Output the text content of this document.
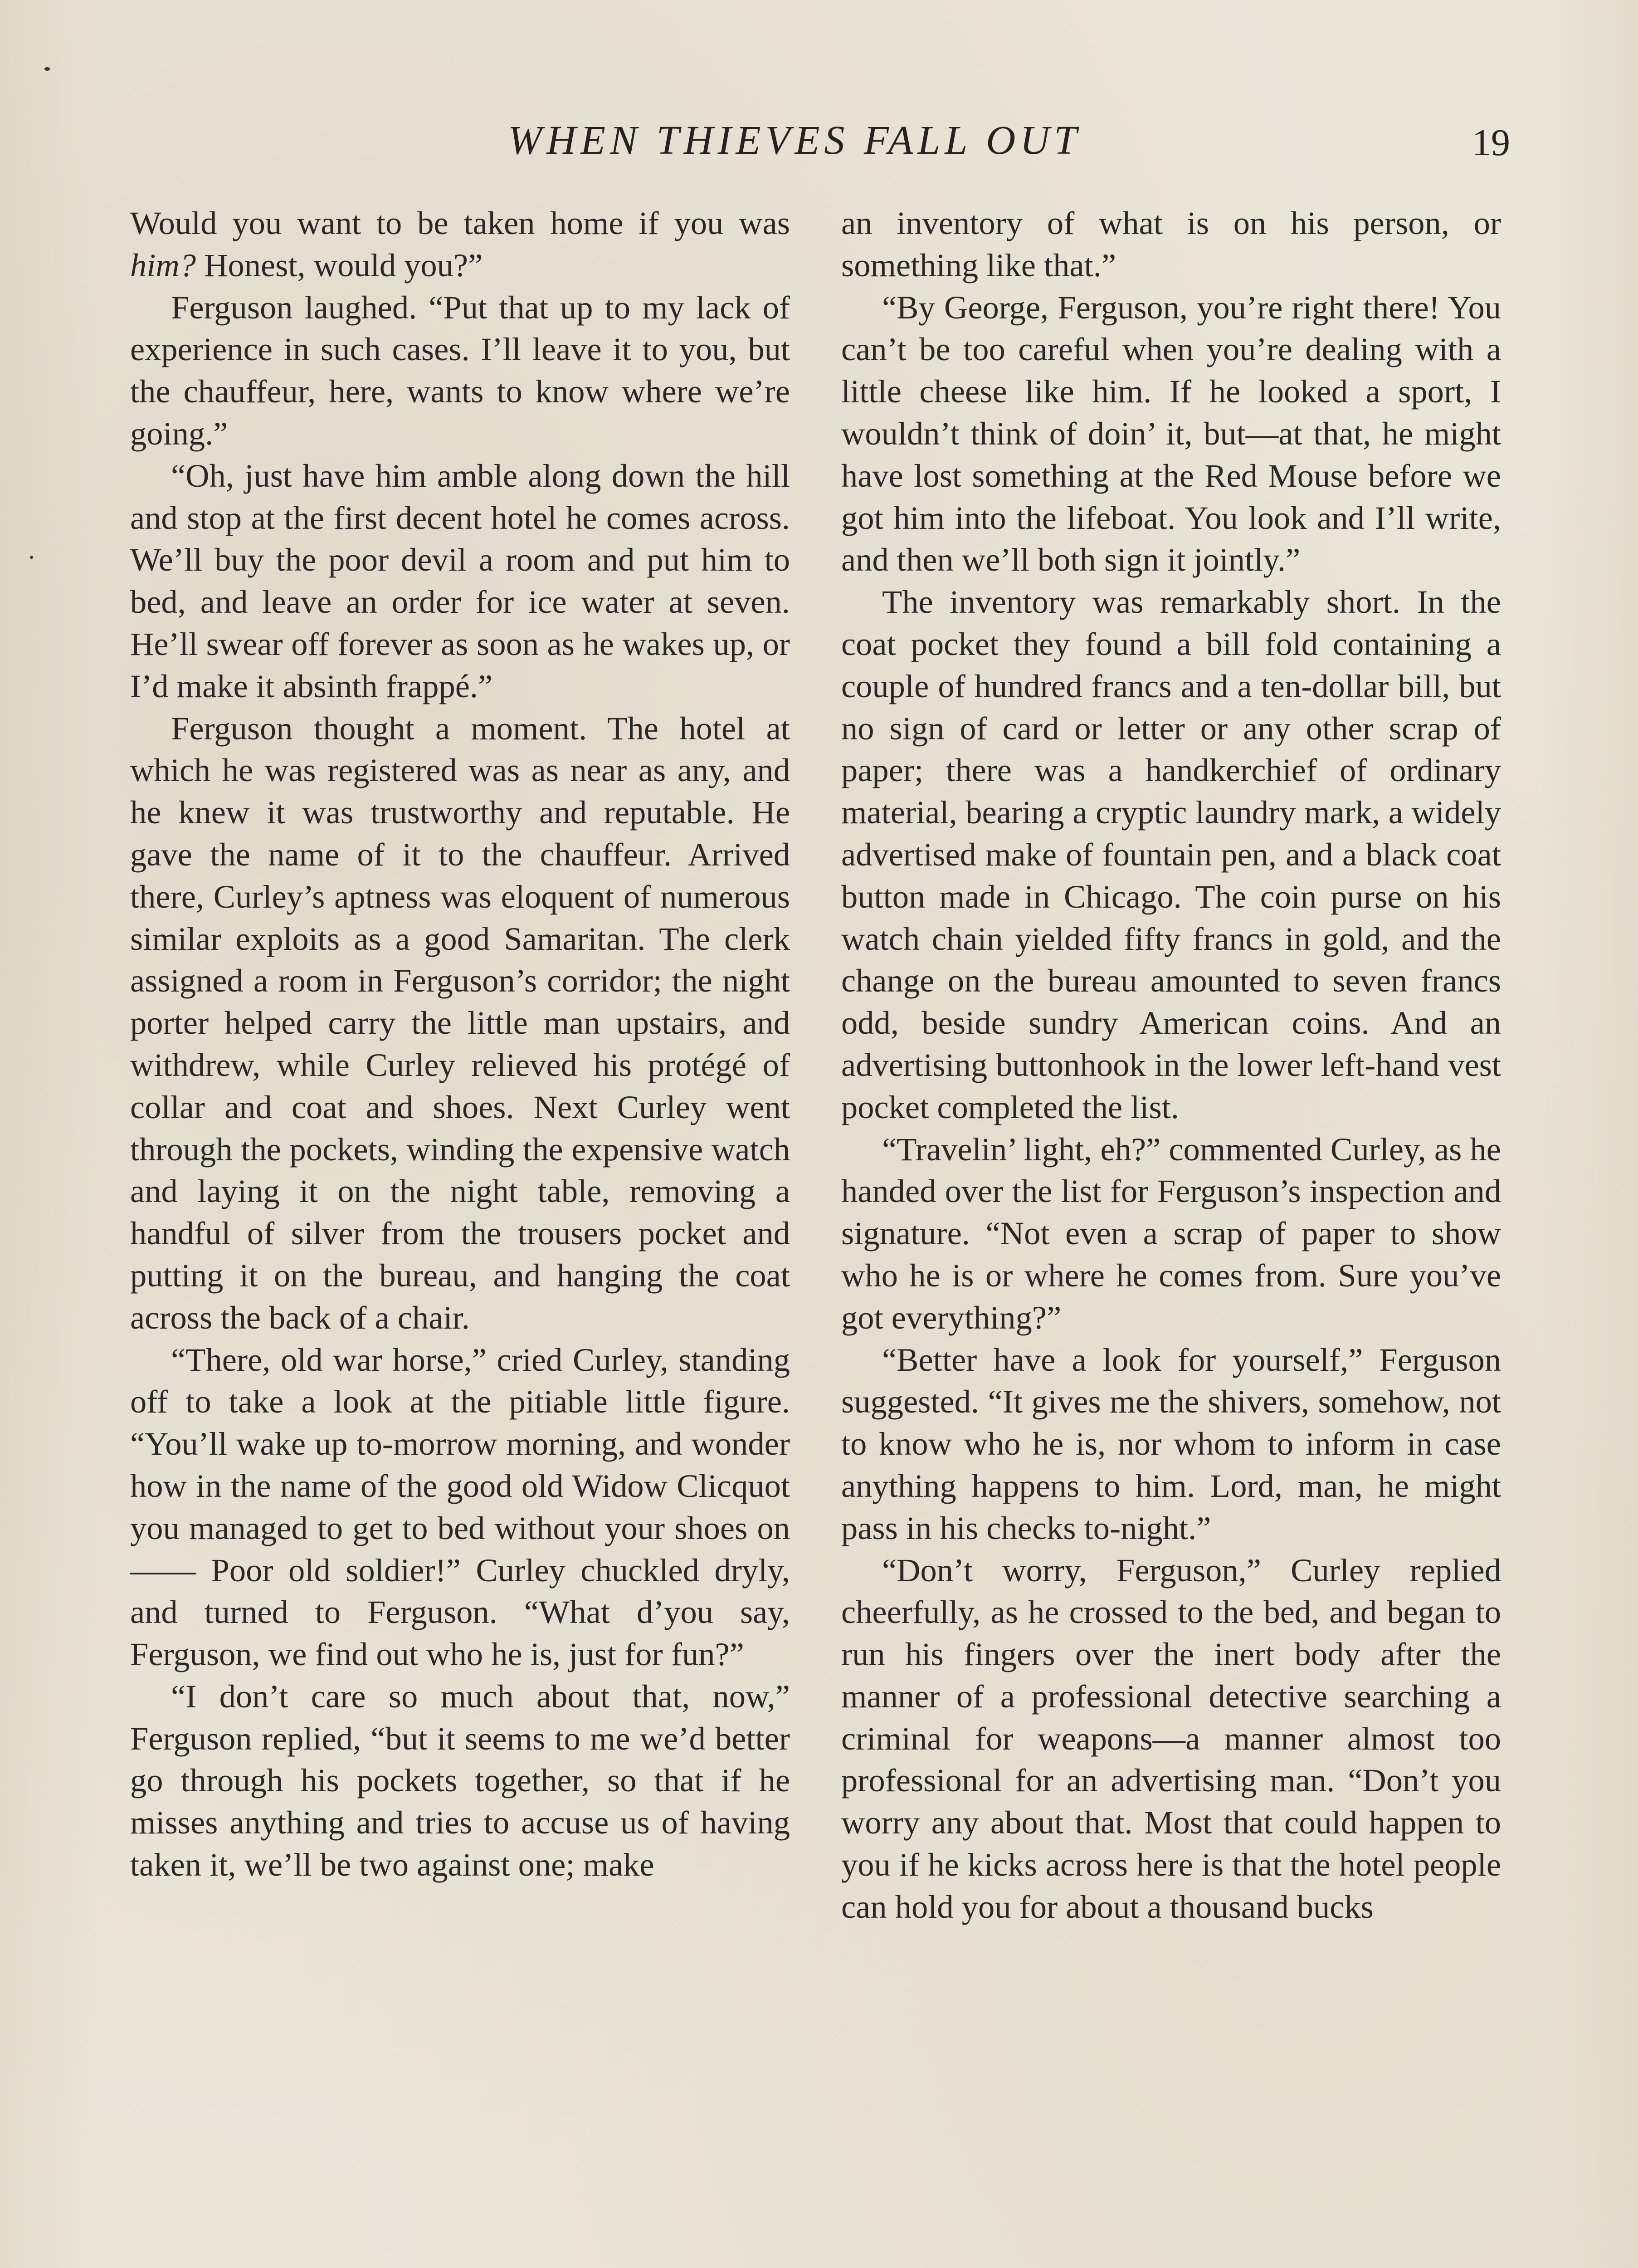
WHEN THIEVES FALL OUT	19

Would you want to be taken home if you was him? Honest, would you?”

Ferguson laughed. “Put that up to my lack of experience in such cases. I’ll leave it to you, but the chauffeur, here, wants to know where we’re going.”

“Oh, just have him amble along down the hill and stop at the first decent hotel he comes across. We’ll buy the poor devil a room and put him to bed, and leave an order for ice water at seven. He’ll swear off forever as soon as he wakes up, or I’d make it absinth frappé.”

Ferguson thought a moment. The hotel at which he was registered was as near as any, and he knew it was trustworthy and reputable. He gave the name of it to the chauffeur. Arrived there, Curley’s aptness was eloquent of numerous similar exploits as a good Samaritan. The clerk assigned a room in Ferguson’s corridor; the night porter helped carry the little man upstairs, and withdrew, while Curley relieved his protégé of collar and coat and shoes. Next Curley went through the pockets, winding the expensive watch and laying it on the night table, removing a handful of silver from the trousers pocket and putting it on the bureau, and hanging the coat across the back of a chair.

“There, old war horse,” cried Curley, standing off to take a look at the pitiable little figure. “You’ll wake up to-morrow morning, and wonder how in the name of the good old Widow Clicquot you managed to get to bed without your shoes on—— Poor old soldier!” Curley chuckled dryly, and turned to Ferguson. “What d’you say, Ferguson, we find out who he is, just for fun?”

“I don’t care so much about that, now,” Ferguson replied, “but it seems to me we’d better go through his pockets together, so that if he misses anything and tries to accuse us of having taken it, we’ll be two against one; make

an inventory of what is on his person, or something like that.”

“By George, Ferguson, you’re right there! You can’t be too careful when you’re dealing with a little cheese like him. If he looked a sport, I wouldn’t think of doin’ it, but—at that, he might have lost something at the Red Mouse before we got him into the lifeboat. You look and I’ll write, and then we’ll both sign it jointly.”

The inventory was remarkably short. In the coat pocket they found a bill fold containing a couple of hundred francs and a ten-dollar bill, but no sign of card or letter or any other scrap of paper; there was a handkerchief of ordinary material, bearing a cryptic laundry mark, a widely advertised make of fountain pen, and a black coat button made in Chicago. The coin purse on his watch chain yielded fifty francs in gold, and the change on the bureau amounted to seven francs odd, beside sundry American coins. And an advertising buttonhook in the lower left-hand vest pocket completed the list.

“Travelin’ light, eh?” commented Curley, as he handed over the list for Ferguson’s inspection and signature. “Not even a scrap of paper to show who he is or where he comes from. Sure you’ve got everything?”

“Better have a look for yourself,” Ferguson suggested. “It gives me the shivers, somehow, not to know who he is, nor whom to inform in case anything happens to him. Lord, man, he might pass in his checks to-night.”

“Don’t worry, Ferguson,” Curley replied cheerfully, as he crossed to the bed, and began to run his fingers over the inert body after the manner of a professional detective searching a criminal for weapons—a manner almost too professional for an advertising man. “Don’t you worry any about that. Most that could happen to you if he kicks across here is that the hotel people can hold you for about a thousand bucks
